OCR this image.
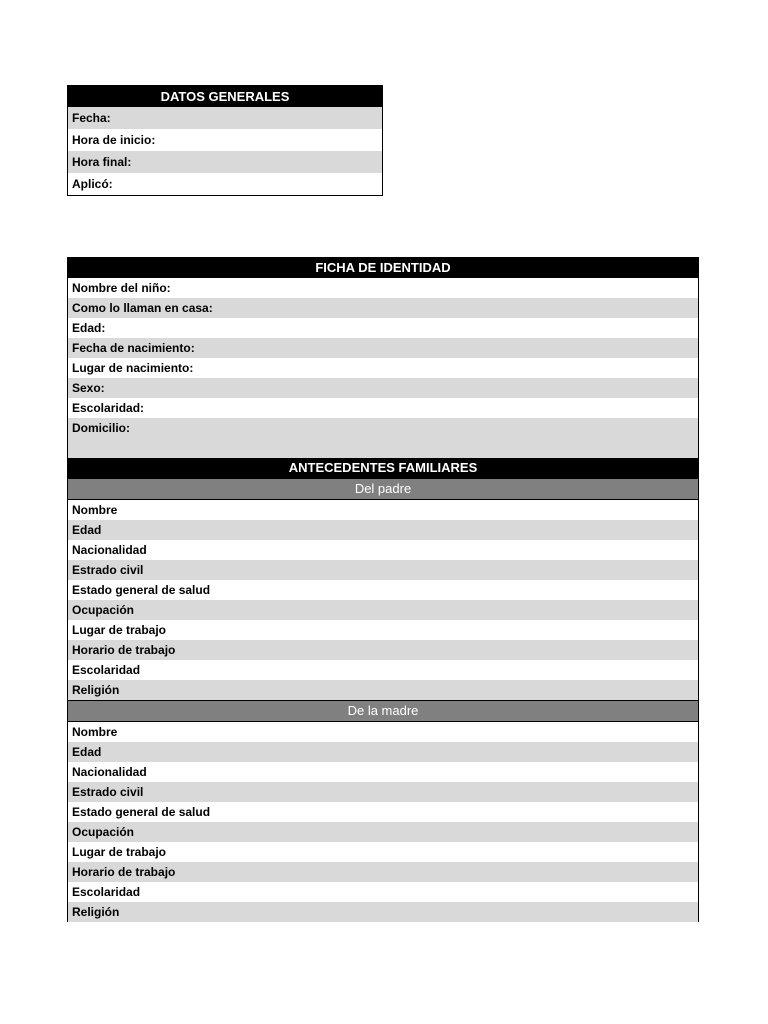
DATOS GENERALES
Fecha:
Hora de inicio:
Hora final:
Aplicó:
FICHA DE IDENTIDAD
Nombre del niño:
Como lo llaman en casa:
Edad:
Fecha de nacimiento:
Lugar de nacimiento:
Sexo:
Escolaridad:
Domicilio:
ANTECEDENTES FAMILIARES
Del padre
Nombre
Edad
Nacionalidad
Estrado civil
Estado general de salud
Ocupación
Lugar de trabajo
Horario de trabajo
Escolaridad
Religión
De la madre
Nombre
Edad
Nacionalidad
Estrado civil
Estado general de salud
Ocupación
Lugar de trabajo
Horario de trabajo
Escolaridad
Religión
